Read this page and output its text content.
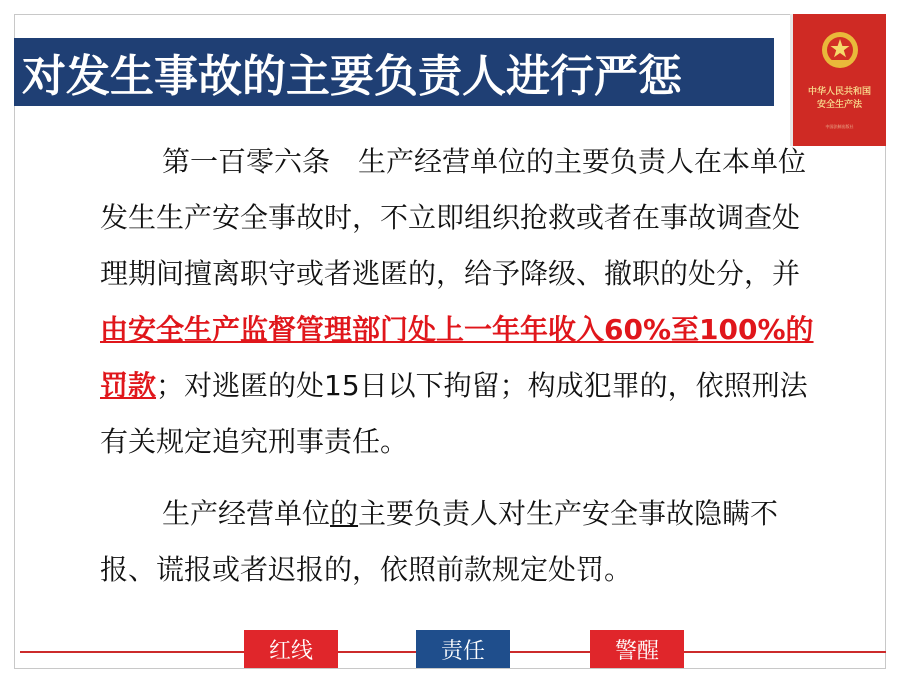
对发生事故的主要负责人进行严惩	中华人民共和国
安全生产法
中国法制出版社

第一百零六条　生产经营单位的主要负责人在本单位发生生产安全事故时，不立即组织抢救或者在事故调查处理期间擅离职守或者逃匿的，给予降级、撤职的处分，并由安全生产监督管理部门处上一年年收入60%至100%的罚款；对逃匿的处15日以下拘留；构成犯罪的，依照刑法有关规定追究刑事责任。

生产经营单位的主要负责人对生产安全事故隐瞒不报、谎报或者迟报的，依照前款规定处罚。

红线	责任	警醒
